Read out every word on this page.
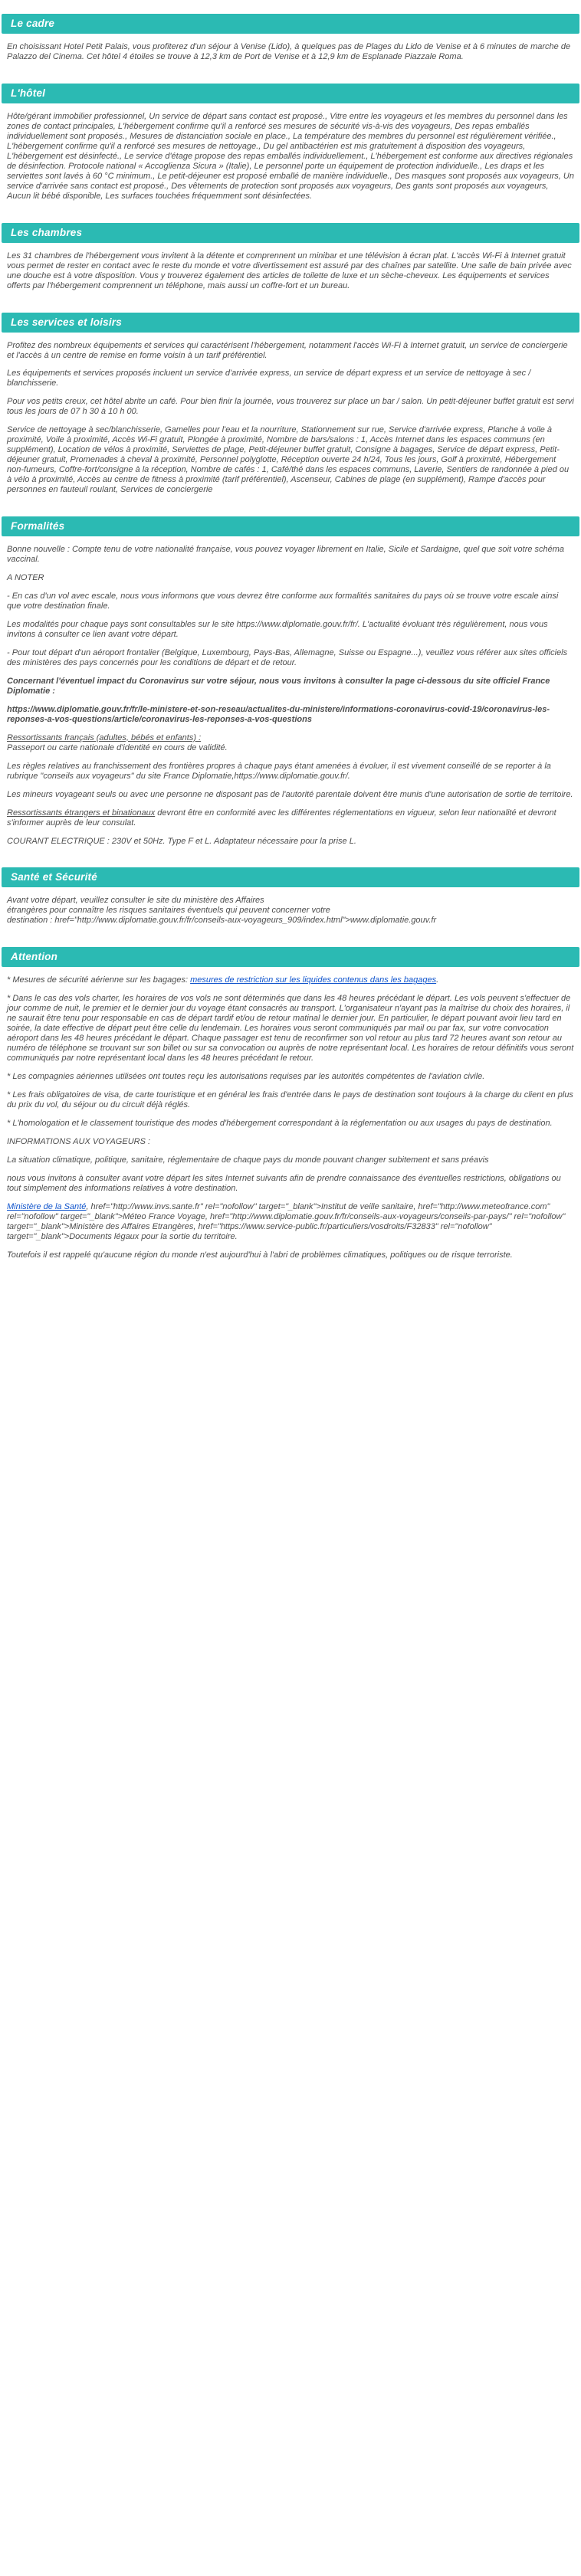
Le cadre

En choisissant Hotel Petit Palais, vous profiterez d'un séjour à Venise (Lido), à quelques pas de Plages du Lido de Venise et à 6 minutes de marche de Palazzo del Cinema. Cet hôtel 4 étoiles se trouve à 12,3 km de Port de Venise et à 12,9 km de Esplanade Piazzale Roma.

L'hôtel

Hôte/gérant immobilier professionnel, Un service de départ sans contact est proposé., Vitre entre les voyageurs et les membres du personnel dans les zones de contact principales, L'hébergement confirme qu'il a renforcé ses mesures de sécurité vis-à-vis des voyageurs, Des repas emballés individuellement sont proposés., Mesures de distanciation sociale en place., La température des membres du personnel est régulièrement vérifiée., L'hébergement confirme qu'il a renforcé ses mesures de nettoyage., Du gel antibactérien est mis gratuitement à disposition des voyageurs, L'hébergement est désinfecté., Le service d'étage propose des repas emballés individuellement., L'hébergement est conforme aux directives régionales de désinfection. Protocole national « Accoglienza Sicura » (Italie), Le personnel porte un équipement de protection individuelle., Les draps et les serviettes sont lavés à 60 °C minimum., Le petit-déjeuner est proposé emballé de manière individuelle., Des masques sont proposés aux voyageurs, Un service d'arrivée sans contact est proposé., Des vêtements de protection sont proposés aux voyageurs, Des gants sont proposés aux voyageurs, Aucun lit bébé disponible, Les surfaces touchées fréquemment sont désinfectées.

Les chambres

Les 31 chambres de l'hébergement vous invitent à la détente et comprennent un minibar et une télévision à écran plat. L'accès Wi-Fi à Internet gratuit vous permet de rester en contact avec le reste du monde et votre divertissement est assuré par des chaînes par satellite. Une salle de bain privée avec une douche est à votre disposition. Vous y trouverez également des articles de toilette de luxe et un sèche-cheveux. Les équipements et services offerts par l'hébergement comprennent un téléphone, mais aussi un coffre-fort et un bureau.

Les services et loisirs

Profitez des nombreux équipements et services qui caractérisent l'hébergement, notamment l'accès Wi-Fi à Internet gratuit, un service de conciergerie et l'accès à un centre de remise en forme voisin à un tarif préférentiel.

Les équipements et services proposés incluent un service d'arrivée express, un service de départ express et un service de nettoyage à sec / blanchisserie.

Pour vos petits creux, cet hôtel abrite un café. Pour bien finir la journée, vous trouverez sur place un bar / salon. Un petit-déjeuner buffet gratuit est servi tous les jours de 07 h 30 à 10 h 00.

Service de nettoyage à sec/blanchisserie, Gamelles pour l'eau et la nourriture, Stationnement sur rue, Service d'arrivée express, Planche à voile à proximité, Voile à proximité, Accès Wi-Fi gratuit, Plongée à proximité, Nombre de bars/salons : 1, Accès Internet dans les espaces communs (en supplément), Location de vélos à proximité, Serviettes de plage, Petit-déjeuner buffet gratuit, Consigne à bagages, Service de départ express, Petit-déjeuner gratuit, Promenades à cheval à proximité, Personnel polyglotte, Réception ouverte 24 h/24, Tous les jours, Golf à proximité, Hébergement non-fumeurs, Coffre-fort/consigne à la réception, Nombre de cafés : 1, Café/thé dans les espaces communs, Laverie, Sentiers de randonnée à pied ou à vélo à proximité, Accès au centre de fitness à proximité (tarif préférentiel), Ascenseur, Cabines de plage (en supplément), Rampe d'accès pour personnes en fauteuil roulant, Services de conciergerie

Formalités

Bonne nouvelle : Compte tenu de votre nationalité française, vous pouvez voyager librement en Italie, Sicile et Sardaigne, quel que soit votre schéma vaccinal.

A NOTER

- En cas d'un vol avec escale, nous vous informons que vous devrez être conforme aux formalités sanitaires du pays où se trouve votre escale ainsi que votre destination finale.

Les modalités pour chaque pays sont consultables sur le site https://www.diplomatie.gouv.fr/fr/. L'actualité évoluant très régulièrement, nous vous invitons à consulter ce lien avant votre départ.

- Pour tout départ d'un aéroport frontalier (Belgique, Luxembourg, Pays-Bas, Allemagne, Suisse ou Espagne...), veuillez vous référer aux sites officiels des ministères des pays concernés pour les conditions de départ et de retour.

Concernant l'éventuel impact du Coronavirus sur votre séjour, nous vous invitons à consulter la page ci-dessous du site officiel France Diplomatie :

https://www.diplomatie.gouv.fr/fr/le-ministere-et-son-reseau/actualites-du-ministere/informations-coronavirus-covid-19/coronavirus-les-reponses-a-vos-questions/article/coronavirus-les-reponses-a-vos-questions

Ressortissants français (adultes, bébés et enfants) :
Passeport ou carte nationale d'identité en cours de validité.

Les règles relatives au franchissement des frontières propres à chaque pays étant amenées à évoluer, il est vivement conseillé de se reporter à la rubrique "conseils aux voyageurs" du site France Diplomatie,https://www.diplomatie.gouv.fr/.

Les mineurs voyageant seuls ou avec une personne ne disposant pas de l'autorité parentale doivent être munis d'une autorisation de sortie de territoire.

Ressortissants étrangers et binationaux devront être en conformité avec les différentes réglementations en vigueur, selon leur nationalité et devront s'informer auprès de leur consulat.

COURANT ELECTRIQUE : 230V et 50Hz. Type F et L. Adaptateur nécessaire pour la prise L.

Santé et Sécurité

Avant votre départ, veuillez consulter le site du ministère des Affaires
étrangères pour connaître les risques sanitaires éventuels qui peuvent concerner votre
destination : href="http://www.diplomatie.gouv.fr/fr/conseils-aux-voyageurs_909/index.html">www.diplomatie.gouv.fr

Attention

* Mesures de sécurité aérienne sur les bagages: mesures de restriction sur les liquides contenus dans les bagages.

* Dans le cas des vols charter, les horaires de vos vols ne sont déterminés que dans les 48 heures précédant le départ. Les vols peuvent s'effectuer de jour comme de nuit, le premier et le dernier jour du voyage étant consacrés au transport. L'organisateur n'ayant pas la maîtrise du choix des horaires, il ne saurait être tenu pour responsable en cas de départ tardif et/ou de retour matinal le dernier jour. En particulier, le départ pouvant avoir lieu tard en soirée, la date effective de départ peut être celle du lendemain. Les horaires vous seront communiqués par mail ou par fax, sur votre convocation aéroport dans les 48 heures précédant le départ. Chaque passager est tenu de reconfirmer son vol retour au plus tard 72 heures avant son retour au numéro de téléphone se trouvant sur son billet ou sur sa convocation ou auprès de notre représentant local. Les horaires de retour définitifs vous seront communiqués par notre représentant local dans les 48 heures précédant le retour.

* Les compagnies aériennes utilisées ont toutes reçu les autorisations requises par les autorités compétentes de l'aviation civile.

* Les frais obligatoires de visa, de carte touristique et en général les frais d'entrée dans le pays de destination sont toujours à la charge du client en plus du prix du vol, du séjour ou du circuit déjà réglés.

* L'homologation et le classement touristique des modes d'hébergement correspondant à la réglementation ou aux usages du pays de destination.

INFORMATIONS AUX VOYAGEURS :

La situation climatique, politique, sanitaire, réglementaire de chaque pays du monde pouvant changer subitement et sans préavis

nous vous invitons à consulter avant votre départ les sites Internet suivants afin de prendre connaissance des éventuelles restrictions, obligations ou tout simplement des informations relatives à votre destination.

Ministère de la Santé, href="http://www.invs.sante.fr" rel="nofollow" target="_blank">Institut de veille sanitaire, href="http://www.meteofrance.com" rel="nofollow" target="_blank">Méteo France Voyage, href="http://www.diplomatie.gouv.fr/fr/conseils-aux-voyageurs/conseils-par-pays/" rel="nofollow" target="_blank">Ministère des Affaires Etrangères, href="https://www.service-public.fr/particuliers/vosdroits/F32833" rel="nofollow" target="_blank">Documents légaux pour la sortie du territoire.

Toutefois il est rappelé qu'aucune région du monde n'est aujourd'hui à l'abri de problèmes climatiques, politiques ou de risque terroriste.
